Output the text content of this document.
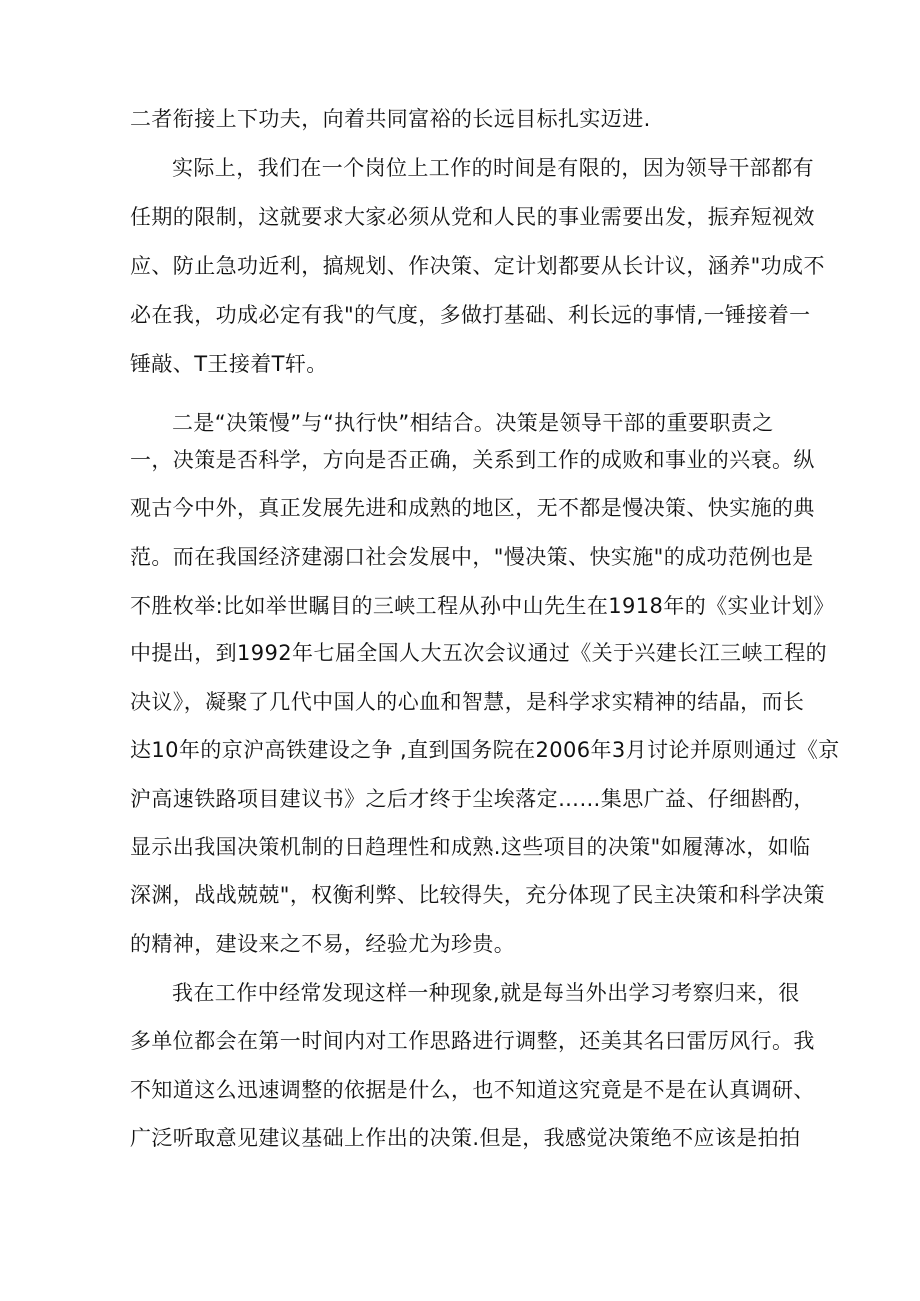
二者衔接上下功夫，向着共同富裕的长远目标扎实迈进.
实际上，我们在一个岗位上工作的时间是有限的，因为领导干部都有
任期的限制，这就要求大家必须从党和人民的事业需要出发，振弃短视效
应、防止急功近利，搞规划、作决策、定计划都要从长计议，涵养"功成不
必在我，功成必定有我"的气度，多做打基础、利长远的事情,一锤接着一
锤敲、T王接着T轩。
二是“决策慢”与“执行快”相结合。决策是领导干部的重要职责之
一，决策是否科学，方向是否正确，关系到工作的成败和事业的兴衰。纵
观古今中外，真正发展先进和成熟的地区，无不都是慢决策、快实施的典
范。而在我国经济建溺口社会发展中，"慢决策、快实施"的成功范例也是
不胜枚举:比如举世瞩目的三峡工程从孙中山先生在1918年的《实业计划》
中提出，到1992年七届全国人大五次会议通过《关于兴建长江三峡工程的
决议》，凝聚了几代中国人的心血和智慧，是科学求实精神的结晶，而长
达10年的京沪高铁建设之争 ,直到国务院在2006年3月讨论并原则通过《京
沪高速铁路项目建议书》之后才终于尘埃落定……集思广益、仔细斟酌，
显示出我国决策机制的日趋理性和成熟.这些项目的决策"如履薄冰，如临
深渊，战战兢兢"，权衡利弊、比较得失，充分体现了民主决策和科学决策
的精神，建设来之不易，经验尤为珍贵。
我在工作中经常发现这样一种现象,就是每当外出学习考察归来，很
多单位都会在第一时间内对工作思路进行调整，还美其名曰雷厉风行。我
不知道这么迅速调整的依据是什么，也不知道这究竟是不是在认真调研、
广泛听取意见建议基础上作出的决策.但是，我感觉决策绝不应该是拍拍
